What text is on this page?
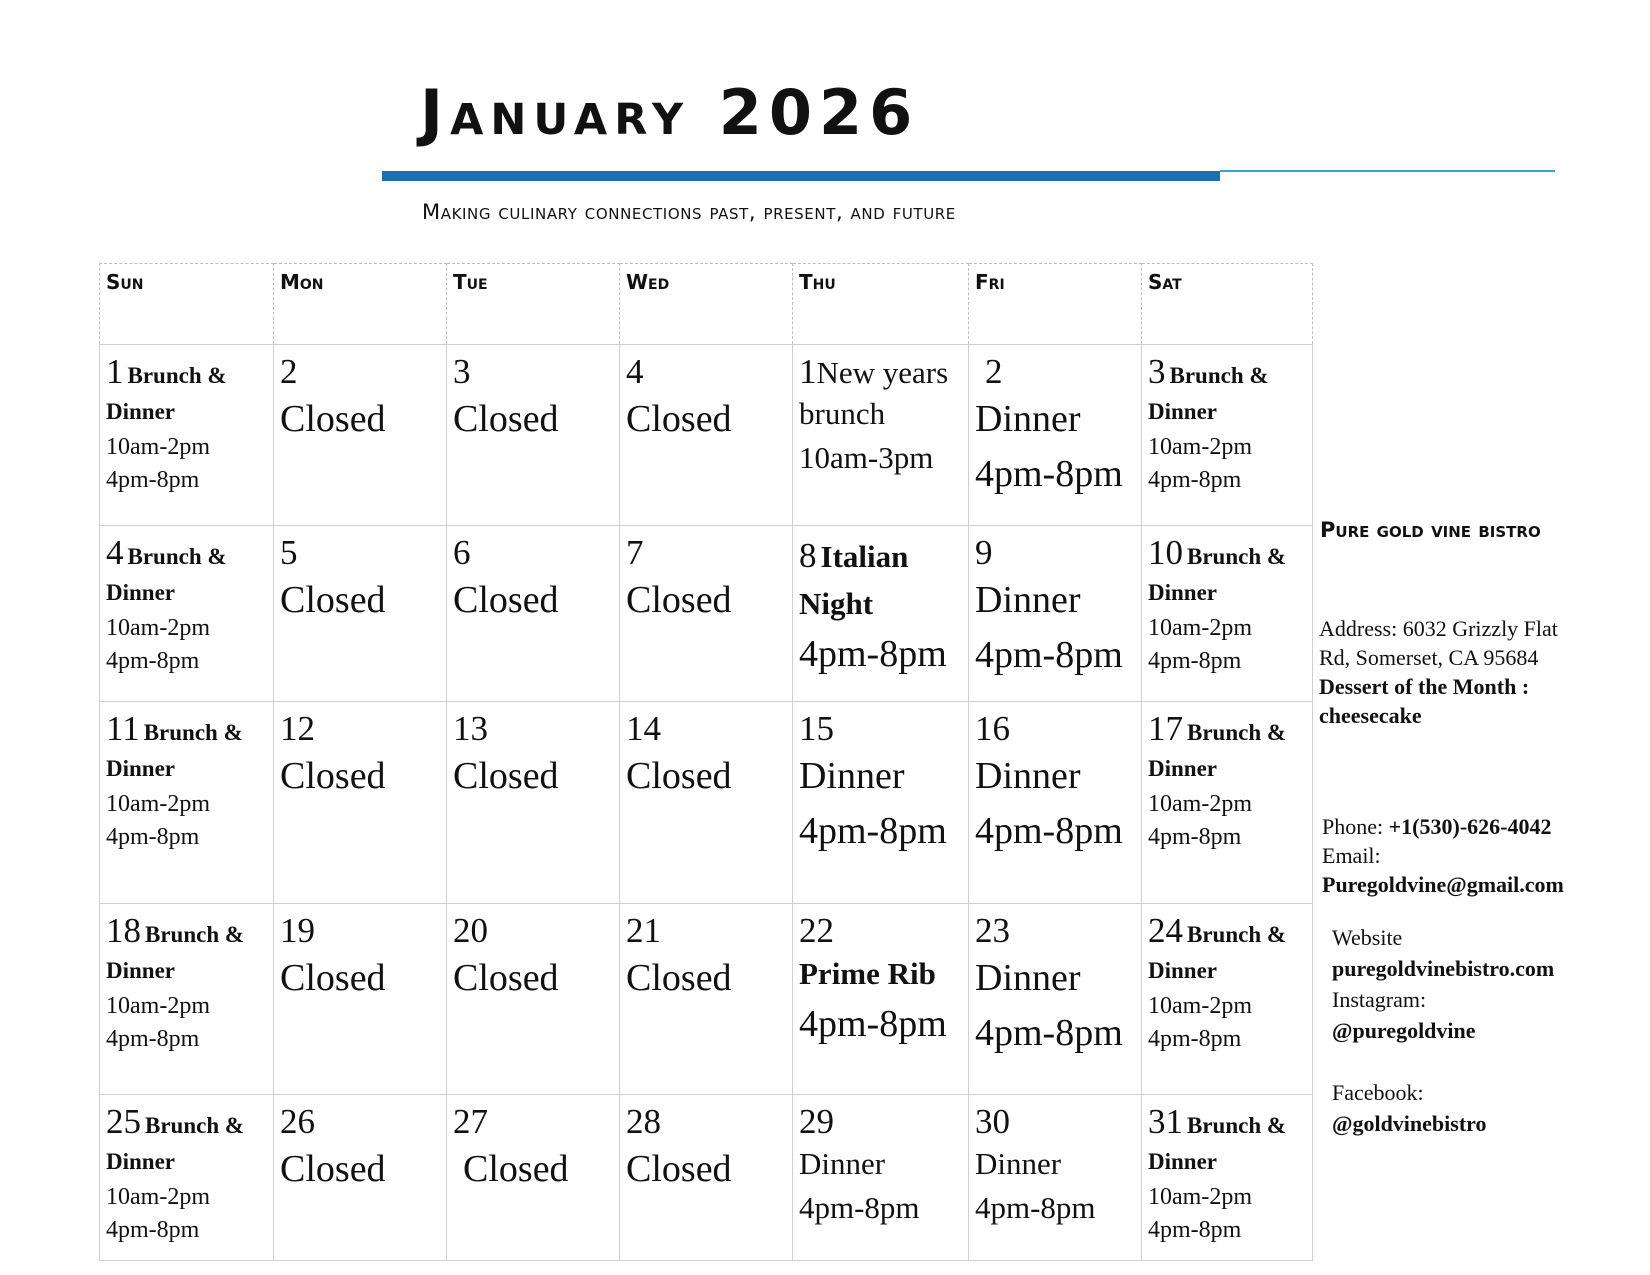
January 2026

Making culinary connections past, present, and future

Sun	Mon	Tue	Wed	Thu	Fri	Sat

1 Brunch &
Dinner
10am-2pm
4pm-8pm	2
Closed	3
Closed	4
Closed	1New years
brunch
10am-3pm	2
Dinner
4pm-8pm	3 Brunch &
Dinner
10am-2pm
4pm-8pm

4 Brunch &
Dinner
10am-2pm
4pm-8pm	5
Closed	6
Closed	7
Closed	8 Italian
Night
4pm-8pm	9
Dinner
4pm-8pm	10 Brunch &
Dinner
10am-2pm
4pm-8pm

11 Brunch &
Dinner
10am-2pm
4pm-8pm	12
Closed	13
Closed	14
Closed	15
Dinner
4pm-8pm	16
Dinner
4pm-8pm	17 Brunch &
Dinner
10am-2pm
4pm-8pm

18 Brunch &
Dinner
10am-2pm
4pm-8pm	19
Closed	20
Closed	21
Closed	22
Prime Rib
4pm-8pm	23
Dinner
4pm-8pm	24 Brunch &
Dinner
10am-2pm
4pm-8pm

25 Brunch &
Dinner
10am-2pm
4pm-8pm	26
Closed	27
Closed	28
Closed	29
Dinner
4pm-8pm	30
Dinner
4pm-8pm	31 Brunch &
Dinner
10am-2pm
4pm-8pm

Pure gold vine bistro

Address: 6032 Grizzly Flat
Rd, Somerset, CA 95684
Dessert of the Month :
cheesecake
Phone: +1(530)-626-4042
Email:
Puregoldvine@gmail.com
Website
puregoldvinebistro.com
Instagram:
@puregoldvine

Facebook:
@goldvinebistro
